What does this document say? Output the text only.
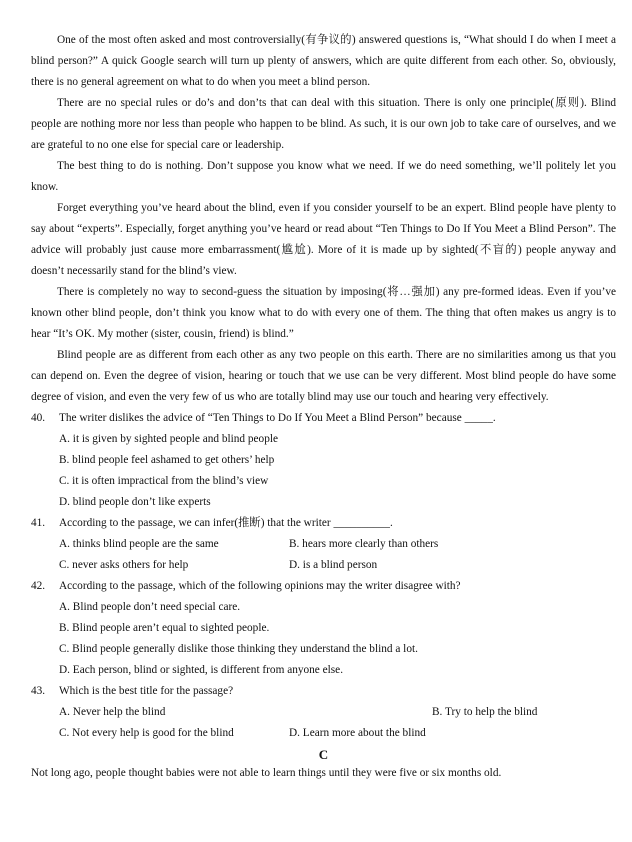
One of the most often asked and most controversially(有争议的) answered questions is, “What should I do when I meet a blind person?” A quick Google search will turn up plenty of answers, which are quite different from each other. So, obviously, there is no general agreement on what to do when you meet a blind person.

There are no special rules or do’s and don’ts that can deal with this situation. There is only one principle(原则). Blind people are nothing more nor less than people who happen to be blind. As such, it is our own job to take care of ourselves, and we are grateful to no one else for special care or leadership.

The best thing to do is nothing. Don’t suppose you know what we need. If we do need something, we’ll politely let you know.

Forget everything you’ve heard about the blind, even if you consider yourself to be an expert. Blind people have plenty to say about “experts”. Especially, forget anything you’ve heard or read about “Ten Things to Do If You Meet a Blind Person”. The advice will probably just cause more embarrassment(尴尬). More of it is made up by sighted(不盲的) people anyway and doesn’t necessarily stand for the blind’s view.

There is completely no way to second-guess the situation by imposing(将…强加) any pre-formed ideas. Even if you’ve known other blind people, don’t think you know what to do with every one of them. The thing that often makes us angry is to hear “It’s OK. My mother (sister, cousin, friend) is blind.”

Blind people are as different from each other as any two people on this earth. There are no similarities among us that you can depend on. Even the degree of vision, hearing or touch that we use can be very different. Most blind people do have some degree of vision, and even the very few of us who are totally blind may use our touch and hearing very effectively.

40. The writer dislikes the advice of “Ten Things to Do If You Meet a Blind Person” because _____.

A. it is given by sighted people and blind people

B. blind people feel ashamed to get others’ help

C. it is often impractical from the blind’s view

D. blind people don’t like experts

41. According to the passage, we can infer(推断) that the writer __________.

A. thinks blind people are the same	B. hears more clearly than others
C. never asks others for help	D. is a blind person

42. According to the passage, which of the following opinions may the writer disagree with?

A. Blind people don’t need special care.

B. Blind people aren’t equal to sighted people.

C. Blind people generally dislike those thinking they understand the blind a lot.

D. Each person, blind or sighted, is different from anyone else.

43. Which is the best title for the passage?

A. Never help the blind	B. Try to help the blind
C. Not every help is good for the blind	D. Learn more about the blind

C

Not long ago, people thought babies were not able to learn things until they were five or six months old.
